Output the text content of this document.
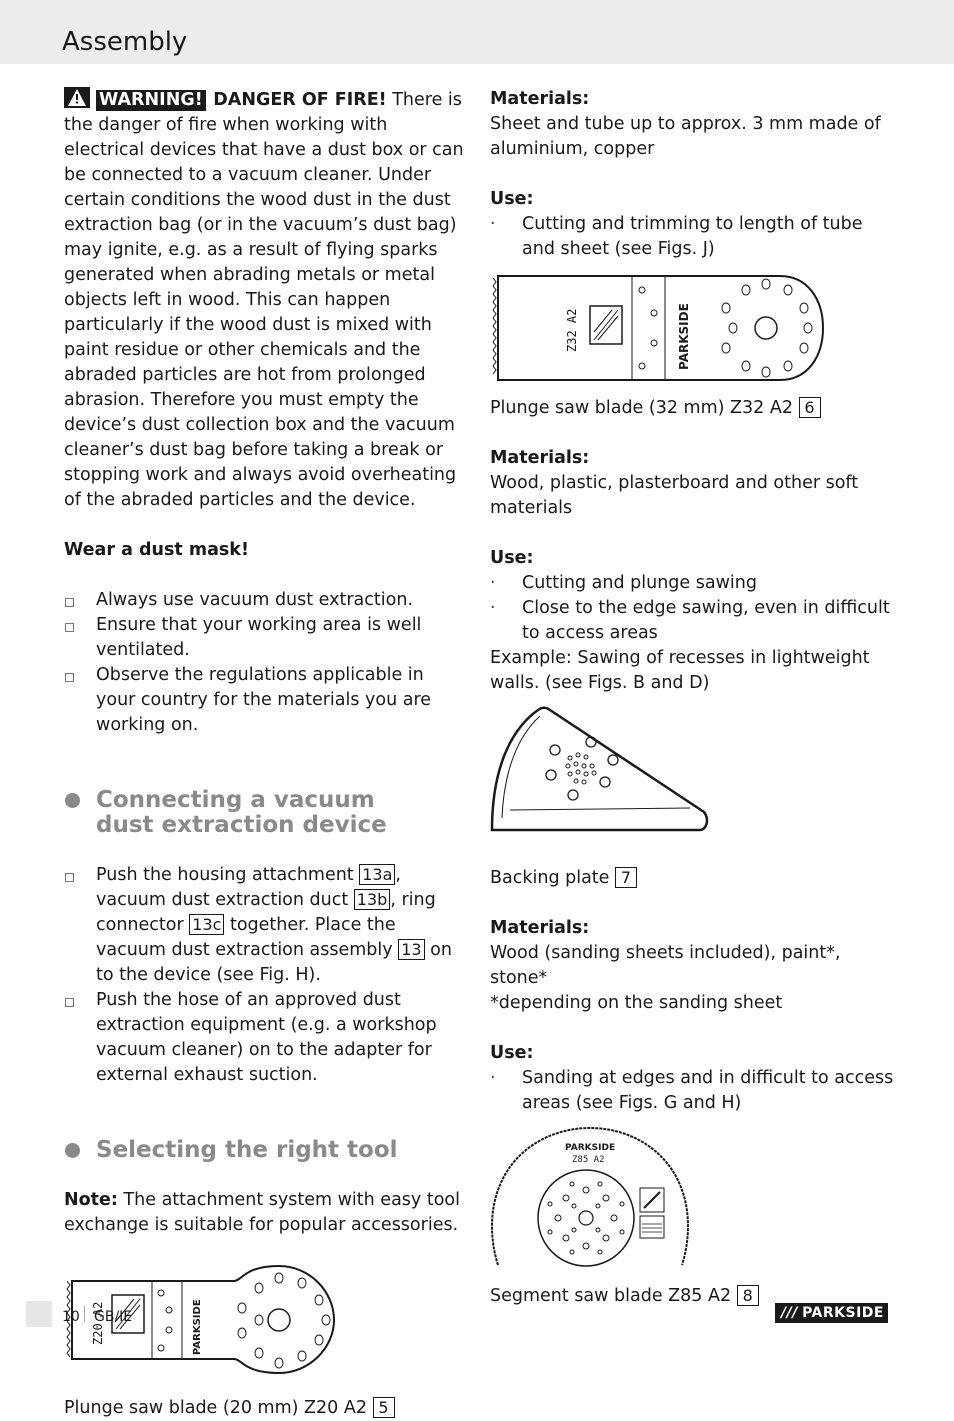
Assembly

WARNING! DANGER OF FIRE! There is the danger of fire when working with electrical devices that have a dust box or can be connected to a vacuum cleaner. Under certain conditions the wood dust in the dust extraction bag (or in the vacuum’s dust bag) may ignite, e.g. as a result of flying sparks generated when abrading metals or metal objects left in wood. This can happen particularly if the wood dust is mixed with paint residue or other chemicals and the abraded particles are hot from prolonged abrasion. Therefore you must empty the device’s dust collection box and the vacuum cleaner’s dust bag before taking a break or stopping work and always avoid overheating of the abraded particles and the device.

Wear a dust mask!

Always use vacuum dust extraction.
Ensure that your working area is well ventilated.
Observe the regulations applicable in your country for the materials you are working on.
Connecting a vacuum
dust extraction device
Push the housing attachment 13a , vacuum dust extraction duct 13b , ring connector 13c together. Place the vacuum dust extraction assembly 13 on to the device (see Fig. H).
Push the hose of an approved dust extraction equipment (e.g. a workshop vacuum cleaner) on to the adapter for external exhaust suction.
Selecting the right tool

Note: The attachment system with easy tool exchange is suitable for popular accessories.

Z20 A2	PARKSIDE

Plunge saw blade (20 mm) Z20 A2 5

Materials:

Sheet and tube up to approx. 3 mm made of aluminium, copper

Use:

· Cutting and trimming to length of tube and sheet (see Figs. J)
Z32 A2	PARKSIDE

Plunge saw blade (32 mm) Z32 A2 6

Materials:

Wood, plastic, plasterboard and other soft materials

Use:

· Cutting and plunge sawing
· Close to the edge sawing, even in difficult to access areas

Example: Sawing of recesses in lightweight walls. (see Figs. B and D)

Backing plate 7

Materials:

Wood (sanding sheets included), paint*, stone*

*depending on the sanding sheet

Use:

· Sanding at edges and in difficult to access areas (see Figs. G and H)
PARKSIDE
Z85 A2

Segment saw blade Z85 A2 8

10 GB/IE	/// PARKSIDE
